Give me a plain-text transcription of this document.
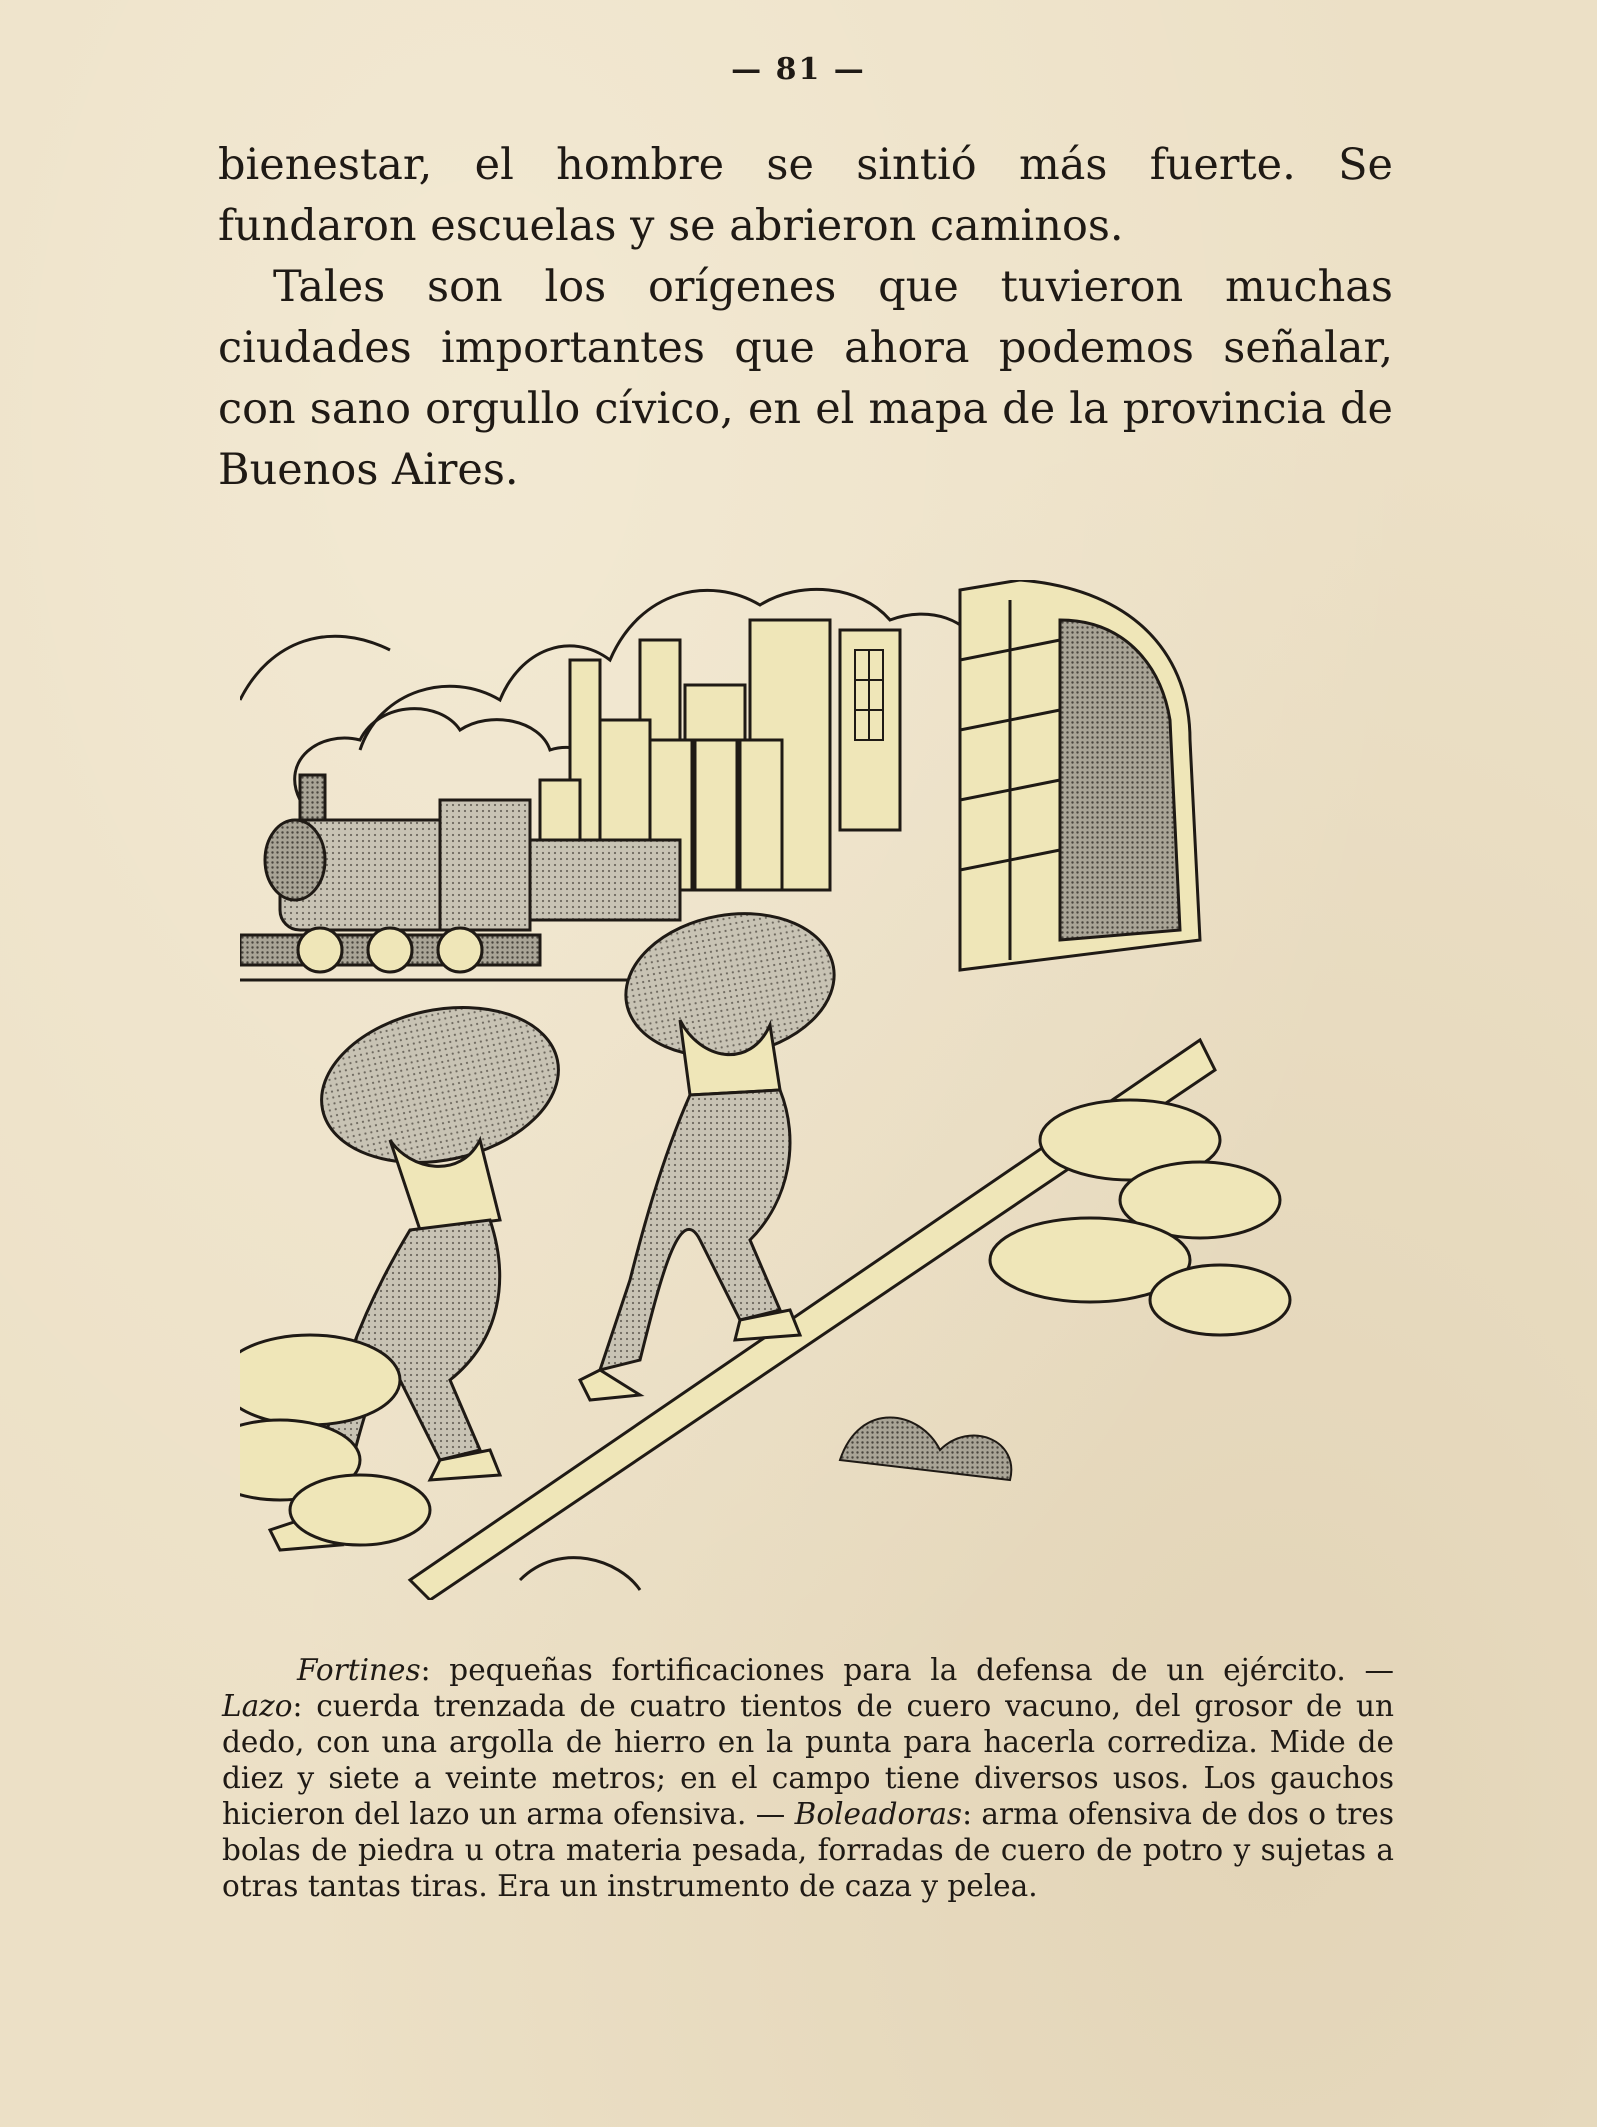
— 81 —

bienestar, el hombre se sintió más fuerte. Se fundaron escuelas y se abrieron caminos.

Tales son los orígenes que tuvieron muchas ciudades importantes que ahora podemos señalar, con sano orgullo cívico, en el mapa de la provincia de Buenos Aires.

Fortines: pequeñas fortificaciones para la defensa de un ejército. — Lazo: cuerda trenzada de cuatro tientos de cuero vacuno, del grosor de un dedo, con una argolla de hierro en la punta para hacerla corrediza. Mide de diez y siete a veinte metros; en el campo tiene diversos usos. Los gauchos hicieron del lazo un arma ofensiva. — Boleadoras: arma ofensiva de dos o tres bolas de piedra u otra materia pesada, forradas de cuero de potro y sujetas a otras tantas tiras. Era un instrumento de caza y pelea.
